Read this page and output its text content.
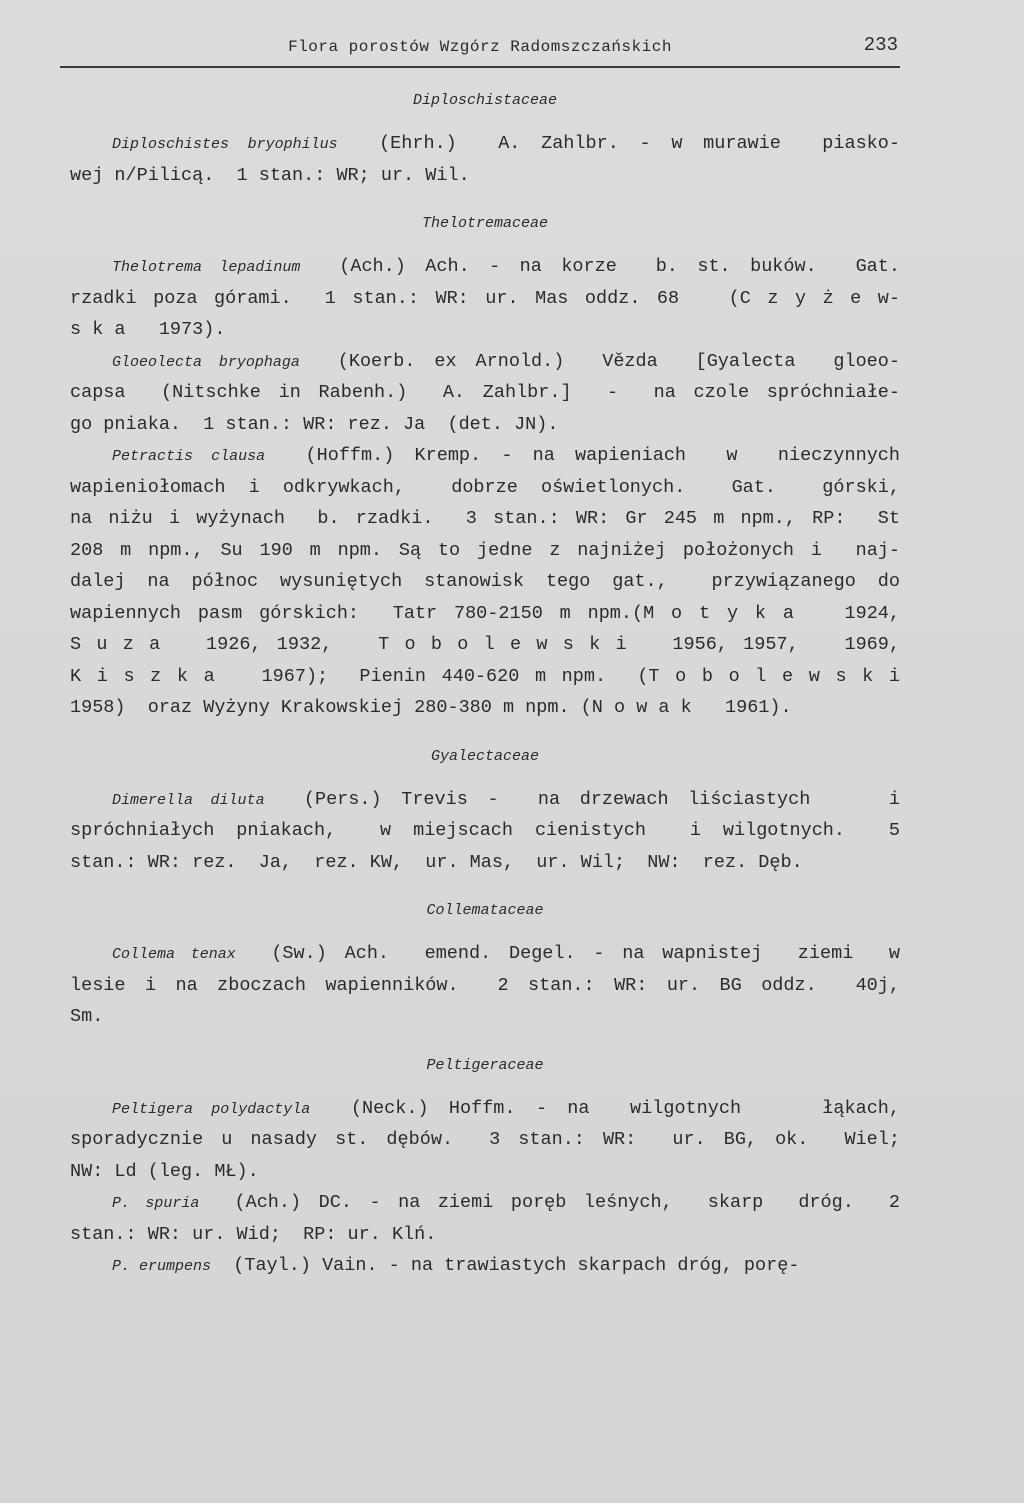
Flora porostów Wzgórz Radomszczańskich	233
Diploschistaceae
Diploschistes bryophilus (Ehrh.)  A. Zahlbr. - w murawie  piasko-
wej n/Pilicą.  1 stan.: WR; ur. Wil.
Thelotremaceae
Thelotrema lepadinum (Ach.) Ach. - na korze  b. st. buków.  Gat.
rzadki poza górami.  1 stan.: WR: ur. Mas oddz. 68   (C z y ż e w-
s k a   1973).
Gloeolecta bryophaga (Koerb. ex Arnold.)  Vězda  [Gyalecta  gloeo-
capsa  (Nitschke in Rabenh.)  A. Zahlbr.]  -  na czole spróchniałe-
go pniaka.  1 stan.: WR: rez. Ja  (det. JN).
Petractis clausa (Hoffm.) Kremp. - na wapieniach  w  nieczynnych
wapieniołomach i odkrywkach,  dobrze oświetlonych.  Gat.  górski,
na niżu i wyżynach  b. rzadki.  3 stan.: WR: Gr 245 m npm., RP:  St
208 m npm., Su 190 m npm. Są to jedne z najniżej położonych i  naj-
dalej na północ wysuniętych stanowisk tego gat.,  przywiązanego do
wapiennych pasm górskich:  Tatr 780-2150 m npm.(M o t y k a   1924,
S u z a   1926, 1932,   T o b o l e w s k i   1956, 1957,   1969,
K i s z k a   1967);  Pienin 440-620 m npm.  (T o b o l e w s k i
1958)  oraz Wyżyny Krakowskiej 280-380 m npm. (N o w a k   1961).
Gyalectaceae
Dimerella diluta (Pers.) Trevis -  na drzewach liściastych    i
spróchniałych pniakach,  w miejscach cienistych  i wilgotnych.  5
stan.: WR: rez.  Ja,  rez. KW,  ur. Mas,  ur. Wil;  NW:  rez. Dęb.
Collemataceae
Collema tenax (Sw.) Ach.  emend. Degel. - na wapnistej  ziemi  w
lesie i na zboczach wapienników.  2 stan.: WR: ur. BG oddz.  40j,
Sm.
Peltigeraceae
Peltigera polydactyla (Neck.) Hoffm. - na  wilgotnych    łąkach,
sporadycznie u nasady st. dębów.  3 stan.: WR:  ur. BG, ok.  Wiel;
NW: Ld (leg. MŁ).
P. spuria (Ach.) DC. - na ziemi poręb leśnych,  skarp  dróg.  2
stan.: WR: ur. Wid;  RP: ur. Klń.
P. erumpens (Tayl.) Vain. - na trawiastych skarpach dróg, porę-
